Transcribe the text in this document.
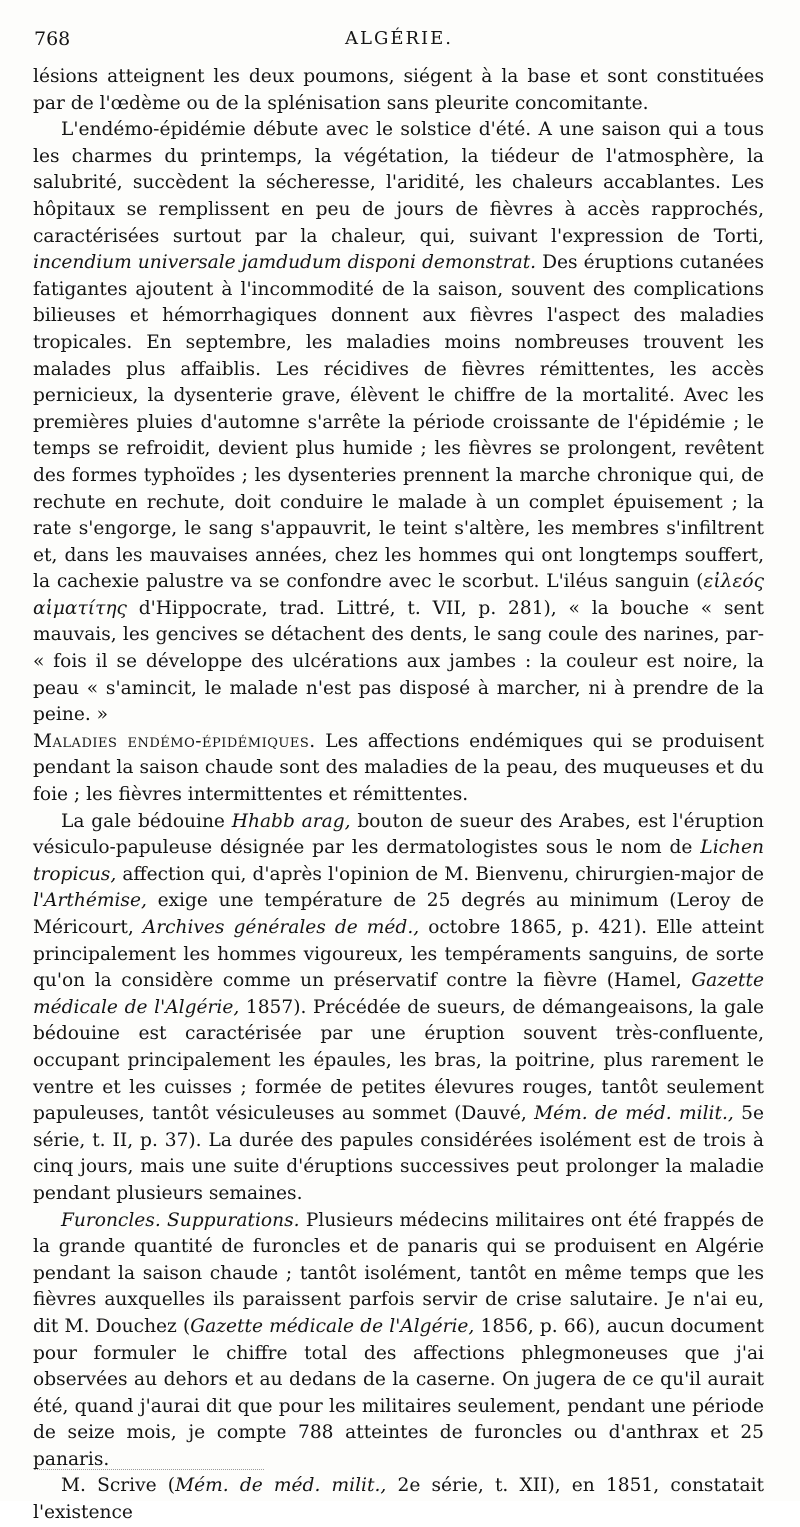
768	ALGÉRIE.

lésions atteignent les deux poumons, siégent à la base et sont constituées par de l'œdème ou de la splénisation sans pleurite concomitante.

L'endémo-épidémie débute avec le solstice d'été. A une saison qui a tous les charmes du printemps, la végétation, la tiédeur de l'atmosphère, la salubrité, succèdent la sécheresse, l'aridité, les chaleurs accablantes. Les hôpitaux se remplissent en peu de jours de fièvres à accès rapprochés, caractérisées surtout par la chaleur, qui, suivant l'expression de Torti, incendium universale jamdudum disponi demonstrat. Des éruptions cutanées fatigantes ajoutent à l'incommodité de la saison, souvent des complications bilieuses et hémorrhagiques donnent aux fièvres l'aspect des maladies tropicales. En septembre, les maladies moins nombreuses trouvent les malades plus affaiblis. Les récidives de fièvres rémittentes, les accès pernicieux, la dysenterie grave, élèvent le chiffre de la mortalité. Avec les premières pluies d'automne s'arrête la période croissante de l'épidémie ; le temps se refroidit, devient plus humide ; les fièvres se prolongent, revêtent des formes typhoïdes ; les dysenteries prennent la marche chronique qui, de rechute en rechute, doit conduire le malade à un complet épuisement ; la rate s'engorge, le sang s'appauvrit, le teint s'altère, les membres s'infiltrent et, dans les mauvaises années, chez les hommes qui ont longtemps souffert, la cachexie palustre va se confondre avec le scorbut. L'iléus sanguin (εἰλεός αἱματίτης d'Hippocrate, trad. Littré, t. VII, p. 281), « la bouche « sent mauvais, les gencives se détachent des dents, le sang coule des narines, par- « fois il se développe des ulcérations aux jambes : la couleur est noire, la peau « s'amincit, le malade n'est pas disposé à marcher, ni à prendre de la peine. »

Maladies endémo-épidémiques. Les affections endémiques qui se produisent pendant la saison chaude sont des maladies de la peau, des muqueuses et du foie ; les fièvres intermittentes et rémittentes.

La gale bédouine Hhabb arag, bouton de sueur des Arabes, est l'éruption vésiculo-papuleuse désignée par les dermatologistes sous le nom de Lichen tropicus, affection qui, d'après l'opinion de M. Bienvenu, chirurgien-major de l'Arthémise, exige une température de 25 degrés au minimum (Leroy de Méricourt, Archives générales de méd., octobre 1865, p. 421). Elle atteint principalement les hommes vigoureux, les tempéraments sanguins, de sorte qu'on la considère comme un préservatif contre la fièvre (Hamel, Gazette médicale de l'Algérie, 1857). Précédée de sueurs, de démangeaisons, la gale bédouine est caractérisée par une éruption souvent très-confluente, occupant principalement les épaules, les bras, la poitrine, plus rarement le ventre et les cuisses ; formée de petites élevures rouges, tantôt seulement papuleuses, tantôt vésiculeuses au sommet (Dauvé, Mém. de méd. milit., 5e série, t. II, p. 37). La durée des papules considérées isolément est de trois à cinq jours, mais une suite d'éruptions successives peut prolonger la maladie pendant plusieurs semaines.

Furoncles. Suppurations. Plusieurs médecins militaires ont été frappés de la grande quantité de furoncles et de panaris qui se produisent en Algérie pendant la saison chaude ; tantôt isolément, tantôt en même temps que les fièvres auxquelles ils paraissent parfois servir de crise salutaire. Je n'ai eu, dit M. Douchez (Gazette médicale de l'Algérie, 1856, p. 66), aucun document pour formuler le chiffre total des affections phlegmoneuses que j'ai observées au dehors et au dedans de la caserne. On jugera de ce qu'il aurait été, quand j'aurai dit que pour les militaires seulement, pendant une période de seize mois, je compte 788 atteintes de furoncles ou d'anthrax et 25 panaris.

M. Scrive (Mém. de méd. milit., 2e série, t. XII), en 1851, constatait l'existence
